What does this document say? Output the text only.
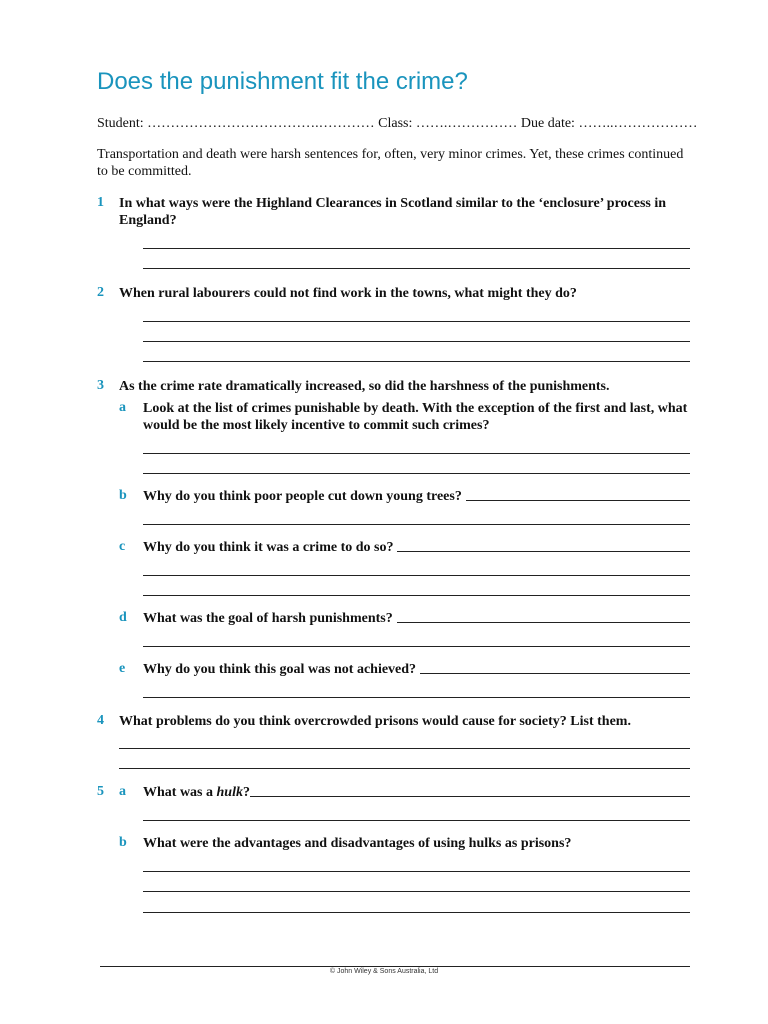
Does the punishment fit the crime?
Student: ……………………………….………… Class: …….…………… Due date: ……..………………
Transportation and death were harsh sentences for, often, very minor crimes. Yet, these crimes continued to be committed.
1 In what ways were the Highland Clearances in Scotland similar to the ‘enclosure’ process in England?
2 When rural labourers could not find work in the towns, what might they do?
3 As the crime rate dramatically increased, so did the harshness of the punishments.
a Look at the list of crimes punishable by death. With the exception of the first and last, what would be the most likely incentive to commit such crimes?
b Why do you think poor people cut down young trees?
c Why do you think it was a crime to do so?
d What was the goal of harsh punishments?
e Why do you think this goal was not achieved?
4 What problems do you think overcrowded prisons would cause for society? List them.
5 a What was a hulk ?
b What were the advantages and disadvantages of using hulks as prisons?
© John Wiley & Sons Australia, Ltd
